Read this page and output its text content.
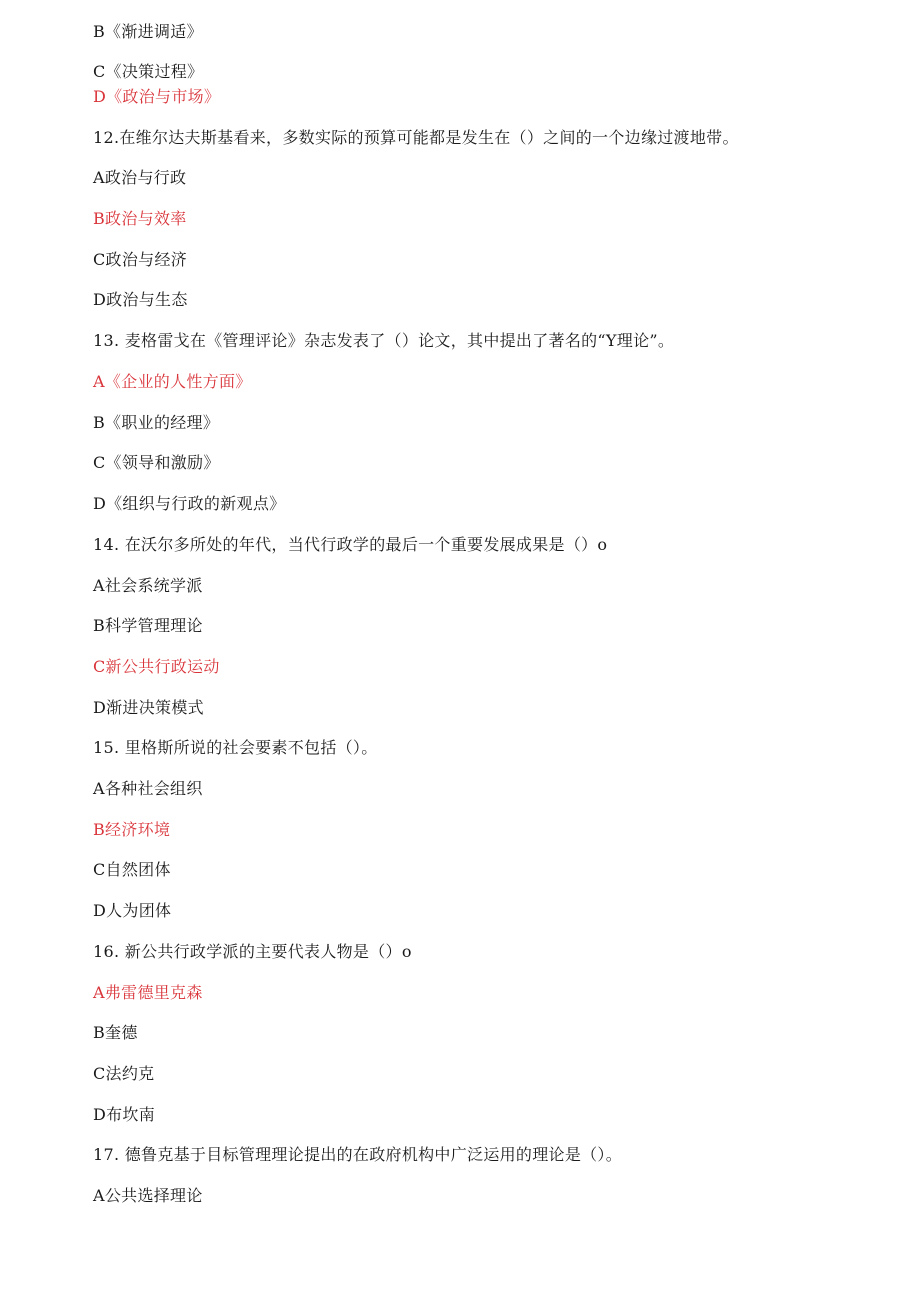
B《渐进调适》
C《决策过程》
D《政治与市场》
12.在维尔达夫斯基看来，多数实际的预算可能都是发生在（）之间的一个边缘过渡地带。
A政治与行政
B政治与效率
C政治与经济
D政治与生态
13. 麦格雷戈在《管理评论》杂志发表了（）论文，其中提出了著名的“Y理论”。
A《企业的人性方面》
B《职业的经理》
C《领导和激励》
D《组织与行政的新观点》
14. 在沃尔多所处的年代，当代行政学的最后一个重要发展成果是（）o
A社会系统学派
B科学管理理论
C新公共行政运动
D渐进决策模式
15. 里格斯所说的社会要素不包括（）。
A各种社会组织
B经济环境
C自然团体
D人为团体
16. 新公共行政学派的主要代表人物是（）o
A弗雷德里克森
B奎德
C法约克
D布坎南
17. 德鲁克基于目标管理理论提出的在政府机构中广泛运用的理论是（）。
A公共选择理论
